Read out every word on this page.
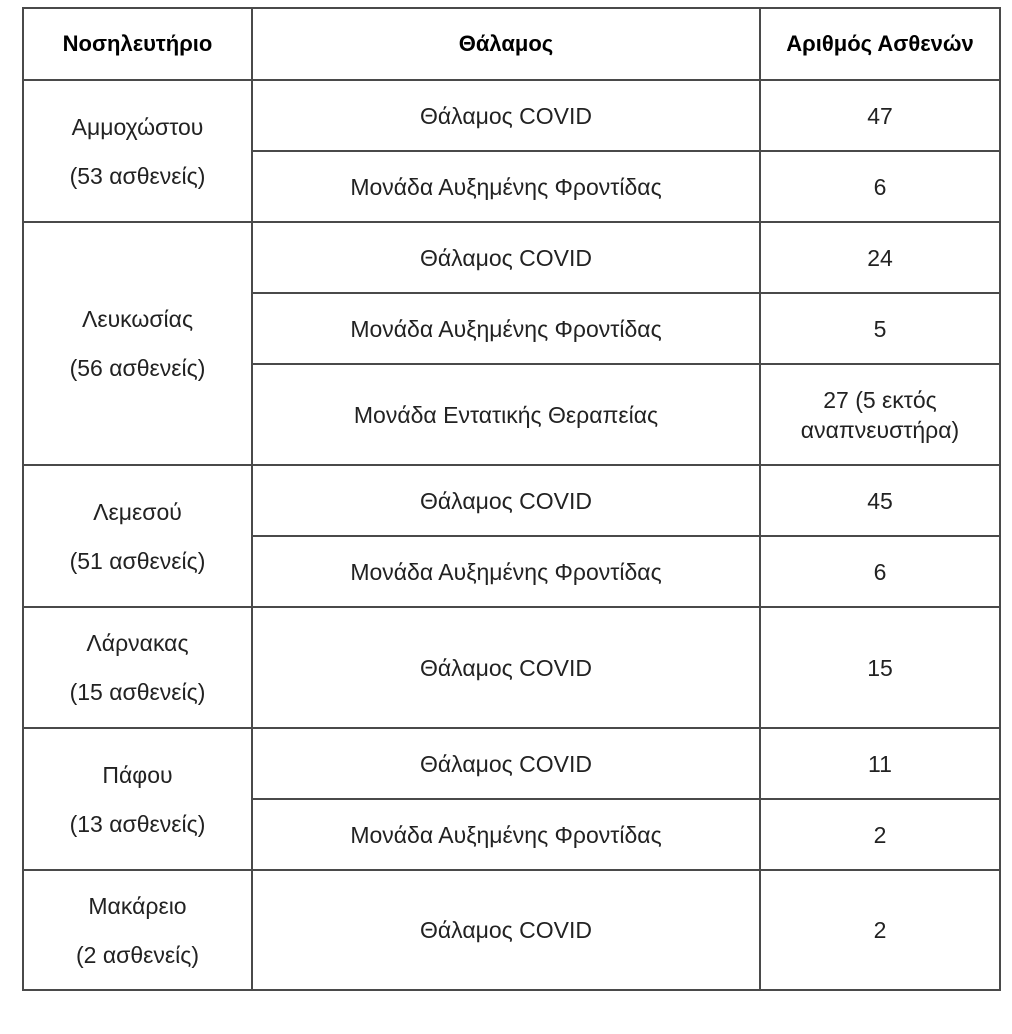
Νοσηλευτήριο	Θάλαμος	Αριθμός Ασθενών

Αμμοχώστου
(53 ασθενείς)	Θάλαμος COVID	47
	Μονάδα Αυξημένης Φροντίδας	6

Λευκωσίας
(56 ασθενείς)	Θάλαμος COVID	24
	Μονάδα Αυξημένης Φροντίδας	5
	Μονάδα Εντατικής Θεραπείας	27 (5 εκτός αναπνευστήρα)

Λεμεσού
(51 ασθενείς)	Θάλαμος COVID	45
	Μονάδα Αυξημένης Φροντίδας	6

Λάρνακας
(15 ασθενείς)	Θάλαμος COVID	15

Πάφου
(13 ασθενείς)	Θάλαμος COVID	11
	Μονάδα Αυξημένης Φροντίδας	2

Μακάρειο
(2 ασθενείς)	Θάλαμος COVID	2
